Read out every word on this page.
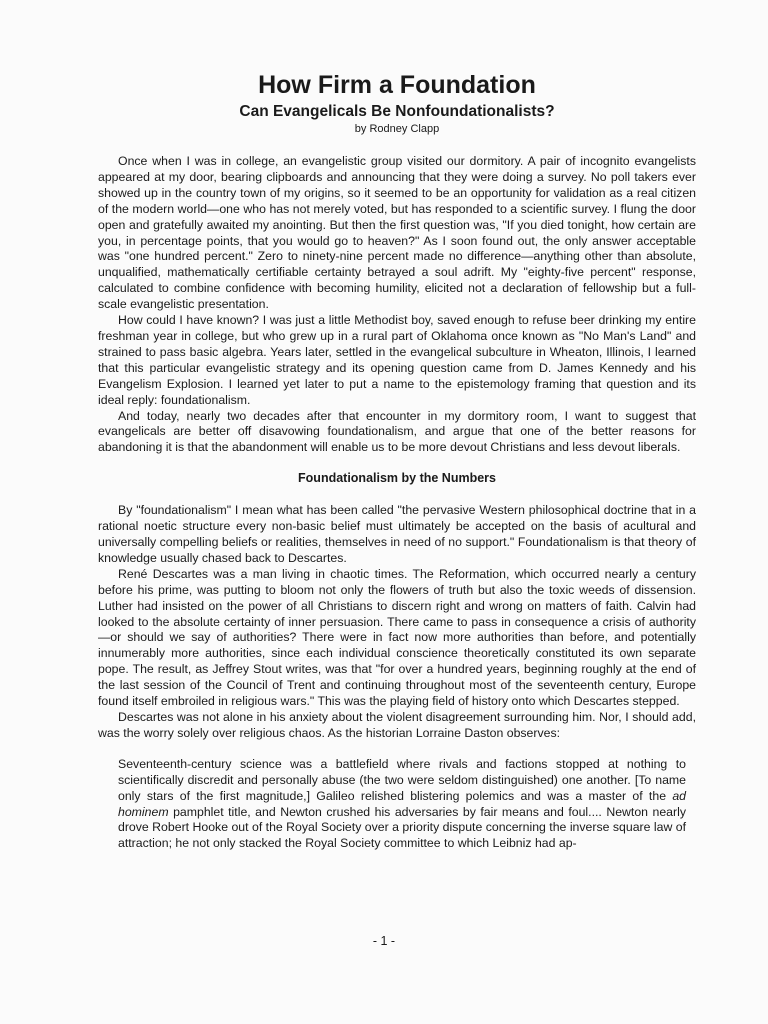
How Firm a Foundation
Can Evangelicals Be Nonfoundationalists?
by Rodney Clapp

Once when I was in college, an evangelistic group visited our dormitory. A pair of incognito evangelists appeared at my door, bearing clipboards and announcing that they were doing a survey. No poll takers ever showed up in the country town of my origins, so it seemed to be an opportunity for validation as a real citizen of the modern world—one who has not merely voted, but has responded to a scientific survey. I flung the door open and gratefully awaited my anointing. But then the first question was, "If you died tonight, how certain are you, in percentage points, that you would go to heaven?" As I soon found out, the only answer acceptable was "one hundred percent." Zero to ninety-nine percent made no difference—anything other than absolute, unqualified, mathematically certifiable certainty betrayed a soul adrift. My "eighty-five percent" response, calculated to combine confidence with becoming humility, elicited not a declaration of fellowship but a full-scale evangelistic presentation.

How could I have known? I was just a little Methodist boy, saved enough to refuse beer drinking my entire freshman year in college, but who grew up in a rural part of Oklahoma once known as "No Man's Land" and strained to pass basic algebra. Years later, settled in the evangelical subculture in Wheaton, Illinois, I learned that this particular evangelistic strategy and its opening question came from D. James Kennedy and his Evangelism Explosion. I learned yet later to put a name to the epistemology framing that question and its ideal reply: foundationalism.

And today, nearly two decades after that encounter in my dormitory room, I want to suggest that evangelicals are better off disavowing foundationalism, and argue that one of the better reasons for abandoning it is that the abandonment will enable us to be more devout Christians and less devout liberals.

Foundationalism by the Numbers

By "foundationalism" I mean what has been called "the pervasive Western philosophical doctrine that in a rational noetic structure every non-basic belief must ultimately be accepted on the basis of acultural and universally compelling beliefs or realities, themselves in need of no support." Foundationalism is that theory of knowledge usually chased back to Descartes.

René Descartes was a man living in chaotic times. The Reformation, which occurred nearly a century before his prime, was putting to bloom not only the flowers of truth but also the toxic weeds of dissension. Luther had insisted on the power of all Christians to discern right and wrong on matters of faith. Calvin had looked to the absolute certainty of inner persuasion. There came to pass in consequence a crisis of authority—or should we say of authorities? There were in fact now more authorities than before, and potentially innumerably more authorities, since each individual conscience theoretically constituted its own separate pope. The result, as Jeffrey Stout writes, was that "for over a hundred years, beginning roughly at the end of the last session of the Council of Trent and continuing throughout most of the seventeenth century, Europe found itself embroiled in religious wars." This was the playing field of history onto which Descartes stepped.

Descartes was not alone in his anxiety about the violent disagreement surrounding him. Nor, I should add, was the worry solely over religious chaos. As the historian Lorraine Daston observes:

Seventeenth-century science was a battlefield where rivals and factions stopped at nothing to scientifically discredit and personally abuse (the two were seldom distinguished) one another. [To name only stars of the first magnitude,] Galileo relished blistering polemics and was a master of the ad hominem pamphlet title, and Newton crushed his adversaries by fair means and foul.... Newton nearly drove Robert Hooke out of the Royal Society over a priority dispute concerning the inverse square law of attraction; he not only stacked the Royal Society committee to which Leibniz had ap-

- 1 -
